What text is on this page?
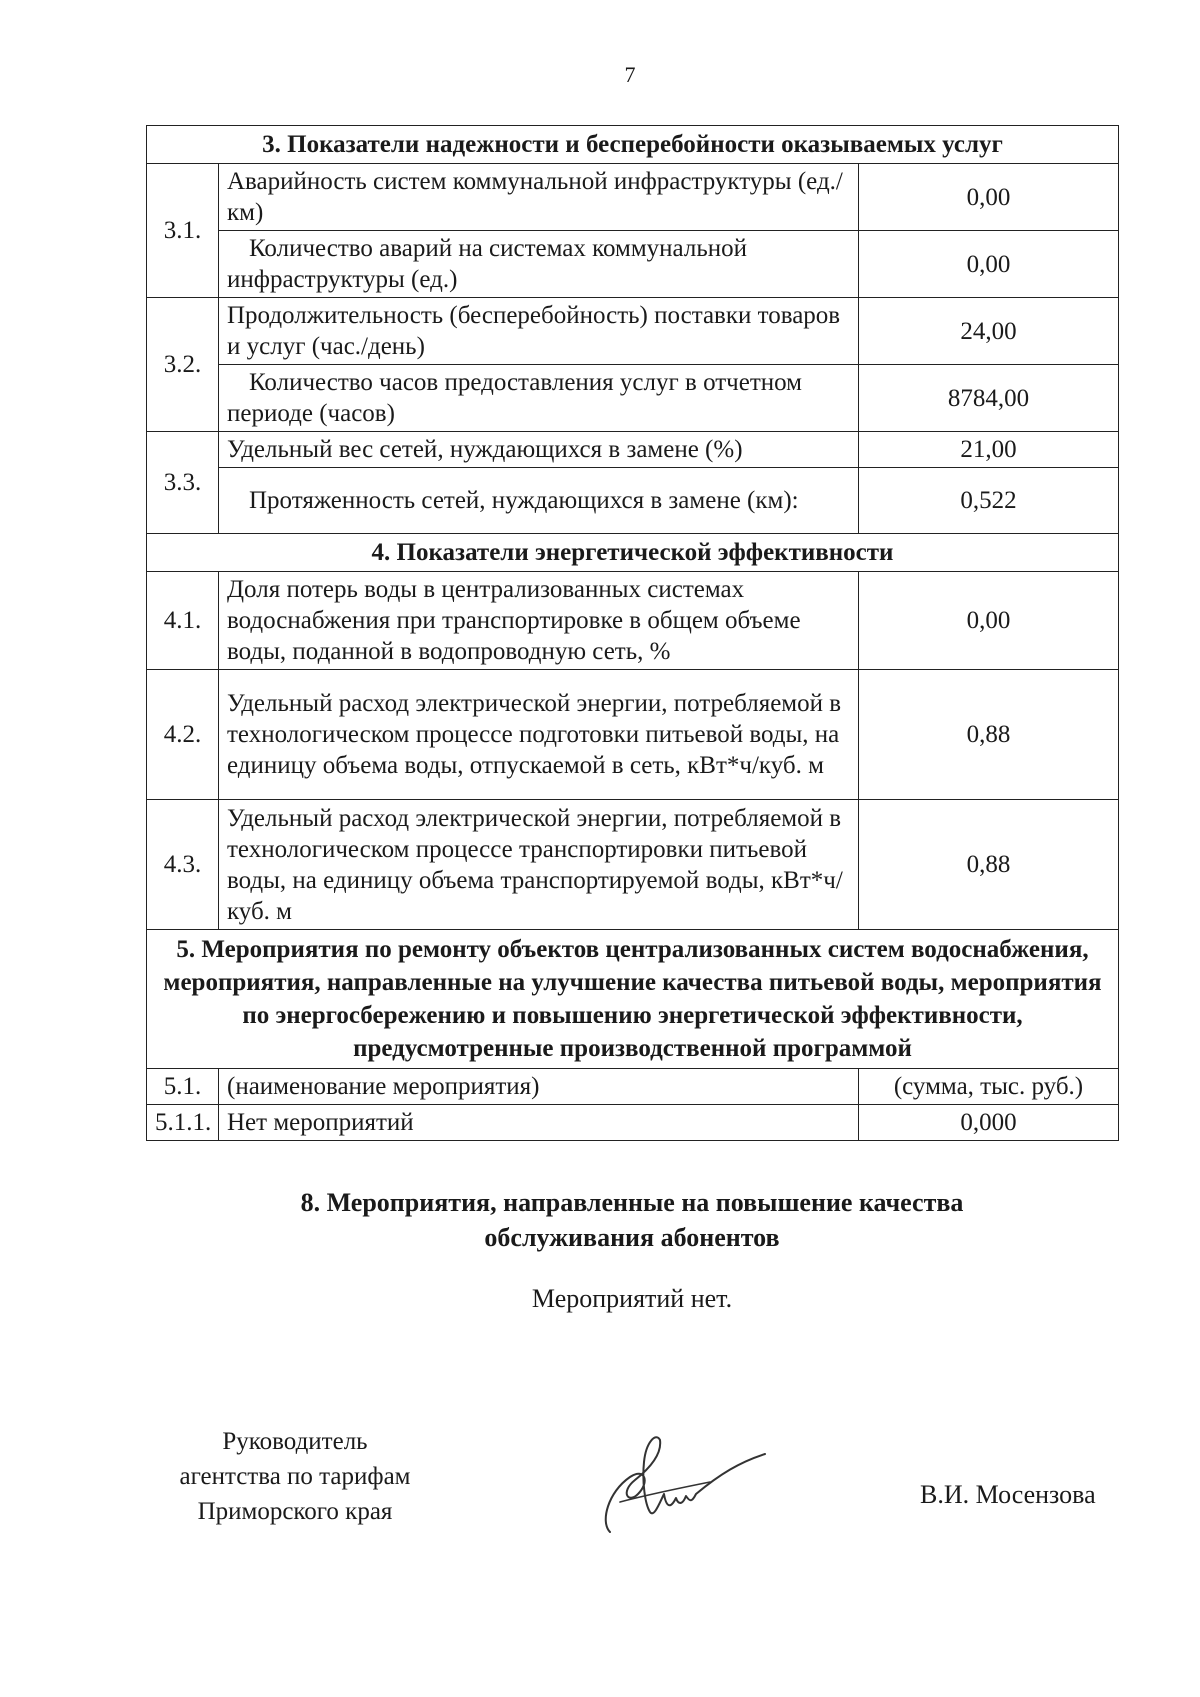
7
3. Показатели надежности и бесперебойности оказываемых услуг		
3.1.	Аварийность систем коммунальной инфраструктуры (ед./км)	0,00
	Количество аварий на системах коммунальной инфраструктуры (ед.)	0,00
3.2.	Продолжительность (бесперебойность) поставки товаров и услуг (час./день)	24,00
	Количество часов предоставления услуг в отчетном периоде (часов)	8784,00
3.3.	Удельный вес сетей, нуждающихся в замене (%)	21,00
	Протяженность сетей, нуждающихся в замене (км):	0,522
4. Показатели энергетической эффективности		
4.1.	Доля потерь воды в централизованных системах водоснабжения при транспортировке в общем объеме воды, поданной в водопроводную сеть, %	0,00
4.2.	Удельный расход электрической энергии, потребляемой в технологическом процессе подготовки питьевой воды, на единицу объема воды, отпускаемой в сеть, кВт*ч/куб. м	0,88
4.3.	Удельный расход электрической энергии, потребляемой в технологическом процессе транспортировки питьевой воды, на единицу объема транспортируемой воды, кВт*ч/куб. м	0,88
5. Мероприятия по ремонту объектов централизованных систем водоснабжения, мероприятия, направленные на улучшение качества питьевой воды, мероприятия по энергосбережению и повышению энергетической эффективности, предусмотренные производственной программой		
5.1.	(наименование мероприятия)	(сумма, тыс. руб.)
5.1.1.	Нет мероприятий	0,000
8. Мероприятия, направленные на повышение качества
обслуживания абонентов
Мероприятий нет.
Руководитель
агентства по тарифам
Приморского края
В.И. Мосензова
